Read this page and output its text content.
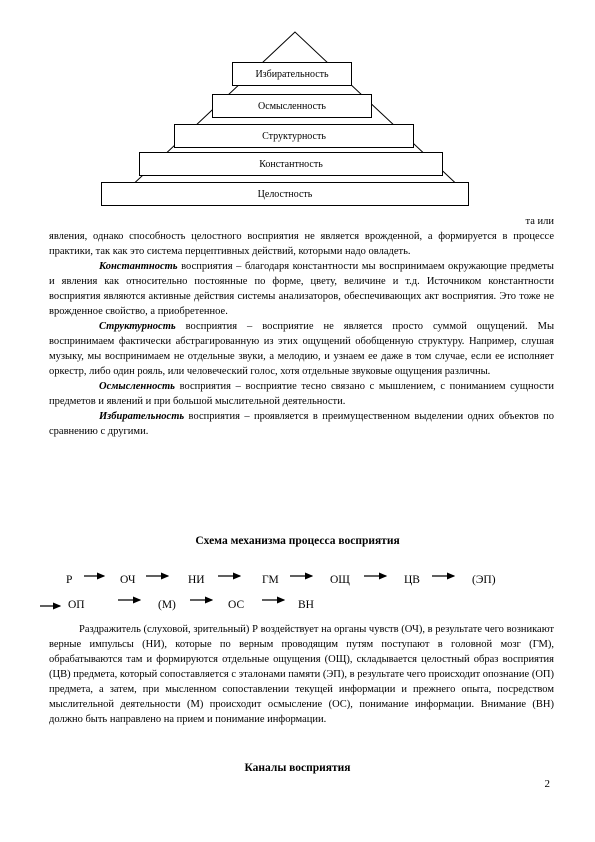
Избирательность
Осмысленность
Структурность
Константность
Целостность

та или

явления, однако способность целостного восприятия не является врожденной, а формируется в процессе практики, так как это система перцептивных действий, которыми надо овладеть.

Константность восприятия – благодаря константности мы воспринимаем окружающие предметы и явления как относительно постоянные по форме, цвету, величине и т.д. Источником константности восприятия являются активные действия системы анализаторов, обеспечивающих акт восприятия. Это тоже не врожденное свойство, а приобретенное.

Структурность восприятия – восприятие не является просто суммой ощущений. Мы воспринимаем фактически абстрагированную из этих ощущений обобщенную структуру. Например, слушая музыку, мы воспринимаем не отдельные звуки, а мелодию, и узнаем ее даже в том случае, если ее исполняет оркестр, либо один рояль, или человеческий голос, хотя отдельные звуковые ощущения различны.

Осмысленность восприятия – восприятие тесно связано с мышлением, с пониманием сущности предметов и явлений и при большой мыслительной деятельности.

Избирательность восприятия – проявляется в преимущественном выделении одних объектов по сравнению с другими.

Схема механизма процесса восприятия
Р	ОЧ	НИ	ГМ	ОЩ	ЦВ	(ЭП)
ОП	(М)	ОС	ВН

Раздражитель (слуховой, зрительный) Р воздействует на органы чувств (ОЧ), в результате чего возникают верные импульсы (НИ), которые по верным проводящим путям поступают в головной мозг (ГМ), обрабатываются там и формируются отдельные ощущения (ОЩ), складывается целостный образ восприятия (ЦВ) предмета, который сопоставляется с эталонами памяти (ЭП), в результате чего происходит опознание (ОП) предмета, а затем, при мысленном сопоставлении текущей информации и прежнего опыта, посредством мыслительной деятельности (М) происходит осмысление (ОС), понимание информации. Внимание (ВН) должно быть направлено на прием и понимание информации.

Каналы восприятия
2
